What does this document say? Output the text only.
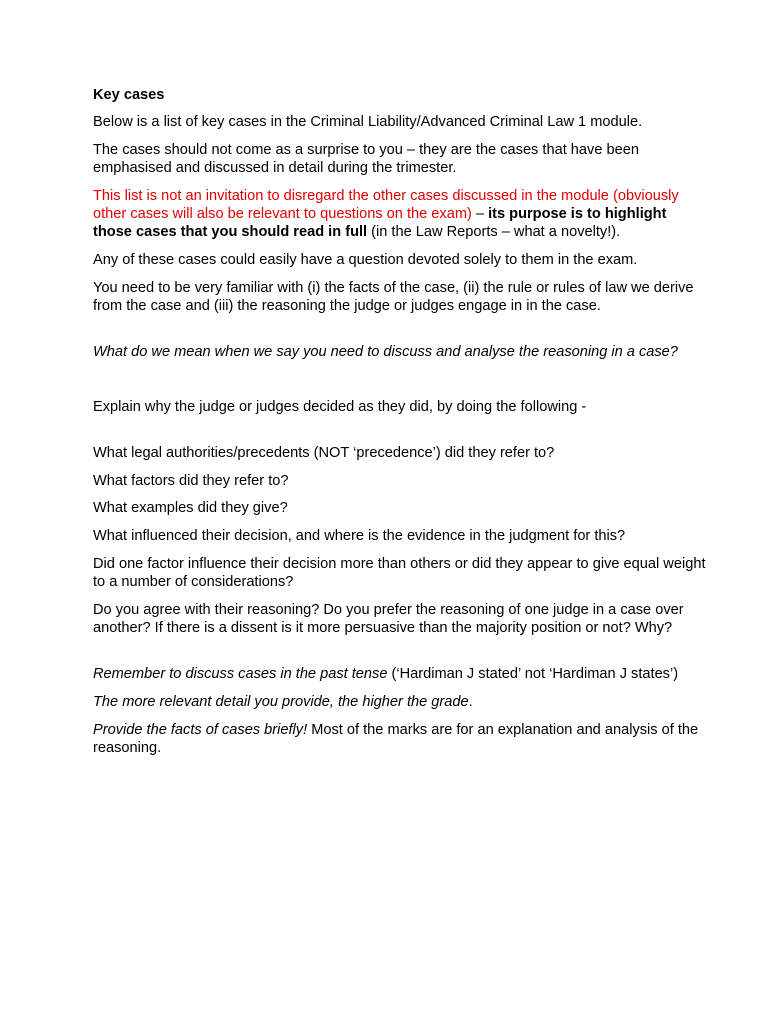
Key cases

Below is a list of key cases in the Criminal Liability/Advanced Criminal Law 1 module.

The cases should not come as a surprise to you – they are the cases that have been emphasised and discussed in detail during the trimester.

This list is not an invitation to disregard the other cases discussed in the module (obviously other cases will also be relevant to questions on the exam) – its purpose is to highlight those cases that you should read in full (in the Law Reports – what a novelty!).

Any of these cases could easily have a question devoted solely to them in the exam.

You need to be very familiar with (i) the facts of the case, (ii) the rule or rules of law we derive from the case and (iii) the reasoning the judge or judges engage in in the case.

What do we mean when we say you need to discuss and analyse the reasoning in a case?

Explain why the judge or judges decided as they did, by doing the following -

What legal authorities/precedents (NOT ‘precedence’) did they refer to?

What factors did they refer to?

What examples did they give?

What influenced their decision, and where is the evidence in the judgment for this?

Did one factor influence their decision more than others or did they appear to give equal weight to a number of considerations?

Do you agree with their reasoning? Do you prefer the reasoning of one judge in a case over another? If there is a dissent is it more persuasive than the majority position or not? Why?

Remember to discuss cases in the past tense (‘Hardiman J stated’ not ‘Hardiman J states’)

The more relevant detail you provide, the higher the grade.

Provide the facts of cases briefly! Most of the marks are for an explanation and analysis of the reasoning.
